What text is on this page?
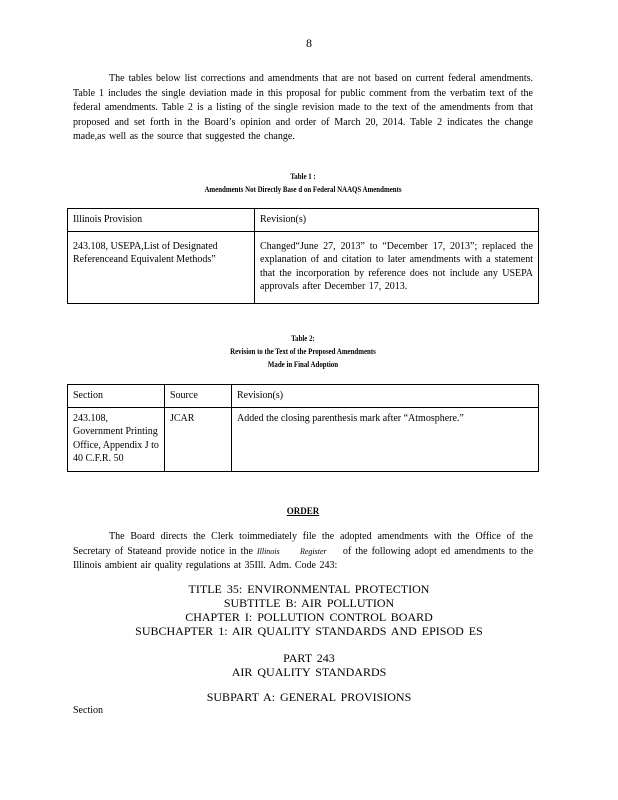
8
The tables below list corrections and amendments that are not based on current federal amendments. Table 1 includes the single deviation made in this proposal for public comment from the verbatim text of the federal amendments. Table 2 is a listing of the single revision made to the text of the amendments from that proposed and set forth in the Board’s opinion and order of March 20, 2014. Table 2 indicates the change made,as well as the source that suggested the change.
Table 1 :
Amendments Not Directly Base d on Federal NAAQS Amendments
Illinois Provision	Revision(s)

243.108, USEPA,List of Designated Referenceand Equivalent Methods”	Changed“June 27, 2013” to “December 17, 2013”; replaced the explanation of and citation to later amendments with a statement that the incorporation by reference does not include any USEPA approvals after December 17, 2013.
Table 2:
Revision to the Text of the Proposed Amendments
Made in Final Adoption
Section	Source	Revision(s)
243.108, Government Printing Office, Appendix J to 40 C.F.R. 50	JCAR	Added the closing parenthesis mark after “Atmosphere.”
ORDER
The Board directs the Clerk toimmediately file the adopted amendments with the Office of the Secretary of Stateand provide notice in the Illinois	Register of the following adopt ed amendments to the Illinois ambient air quality regulations at 35Ill. Adm. Code 243:
TITLE 35: ENVIRONMENTAL PROTECTION
SUBTITLE B: AIR POLLUTION
CHAPTER I: POLLUTION CONTROL BOARD
SUBCHAPTER 1: AIR QUALITY STANDARDS AND EPISOD ES
PART 243
AIR QUALITY STANDARDS
SUBPART A: GENERAL PROVISIONS
Section
